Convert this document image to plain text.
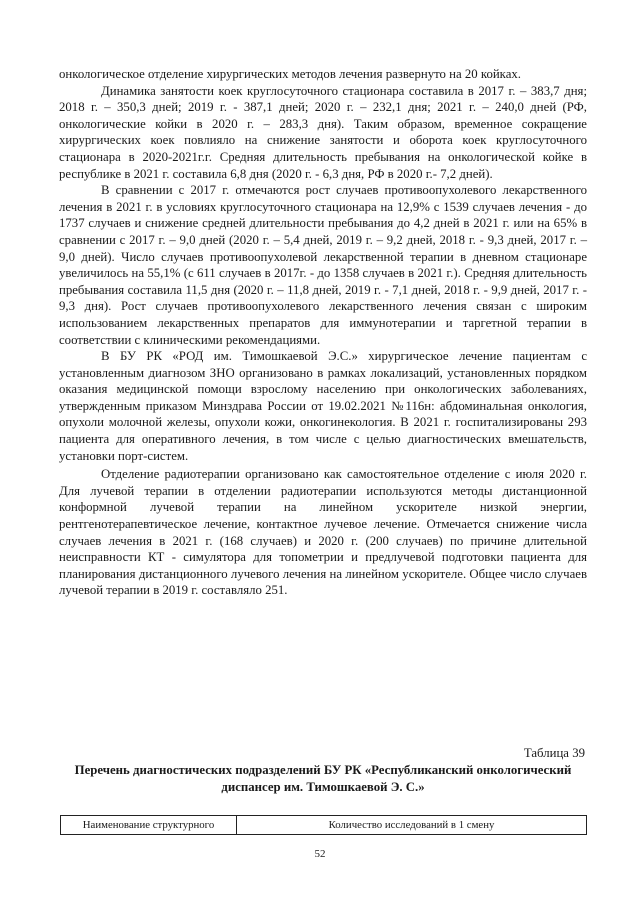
онкологическое отделение хирургических методов лечения развернуто на 20 койках.

Динамика занятости коек круглосуточного стационара составила в 2017 г. – 383,7 дня; 2018 г. – 350,3 дней; 2019 г. - 387,1 дней; 2020 г. – 232,1 дня; 2021 г. – 240,0 дней (РФ, онкологические койки в 2020 г. – 283,3 дня). Таким образом, временное сокращение хирургических коек повлияло на снижение занятости и оборота коек круглосуточного стационара в 2020-2021г.г. Средняя длительность пребывания на онкологической койке в республике в 2021 г. составила 6,8 дня (2020 г. - 6,3 дня, РФ в 2020 г.- 7,2 дней).

В сравнении с 2017 г. отмечаются рост случаев противоопухолевого лекарственного лечения в 2021 г. в условиях круглосуточного стационара на 12,9% с 1539 случаев лечения - до 1737 случаев и снижение средней длительности пребывания до 4,2 дней в 2021 г. или на 65% в сравнении с 2017 г. – 9,0 дней (2020 г. – 5,4 дней, 2019 г. – 9,2 дней, 2018 г. - 9,3 дней, 2017 г. – 9,0 дней). Число случаев противоопухолевой лекарственной терапии в дневном стационаре увеличилось на 55,1% (с 611 случаев в 2017г. - до 1358 случаев в 2021 г.). Средняя длительность пребывания составила 11,5 дня (2020 г. – 11,8 дней, 2019 г. - 7,1 дней, 2018 г. - 9,9 дней, 2017 г. - 9,3 дня). Рост случаев противоопухолевого лекарственного лечения связан с широким использованием лекарственных препаратов для иммунотерапии и таргетной терапии в соответствии с клиническими рекомендациями.

В БУ РК «РОД им. Тимошкаевой Э.С.» хирургическое лечение пациентам с установленным диагнозом ЗНО организовано в рамках локализаций, установленных порядком оказания медицинской помощи взрослому населению при онкологических заболеваниях, утвержденным приказом Минздрава России от 19.02.2021 №116н: абдоминальная онкология, опухоли молочной железы, опухоли кожи, онкогинекология. В 2021 г. госпитализированы 293 пациента для оперативного лечения, в том числе с целью диагностических вмешательств, установки порт-систем.

Отделение радиотерапии организовано как самостоятельное отделение с июля 2020 г. Для лучевой терапии в отделении радиотерапии используются методы дистанционной конформной лучевой терапии на линейном ускорителе низкой энергии, рентгенотерапевтическое лечение, контактное лучевое лечение. Отмечается снижение числа случаев лечения в 2021 г. (168 случаев) и 2020 г. (200 случаев) по причине длительной неисправности КТ - симулятора для топометрии и предлучевой подготовки пациента для планирования дистанционного лучевого лечения на линейном ускорителе. Общее число случаев лучевой терапии в 2019 г. составляло 251.

Таблица 39
Перечень диагностических подразделений БУ РК «Республиканский онкологический диспансер им. Тимошкаевой Э. С.»
Наименование структурного	Количество исследований в 1 смену
52
